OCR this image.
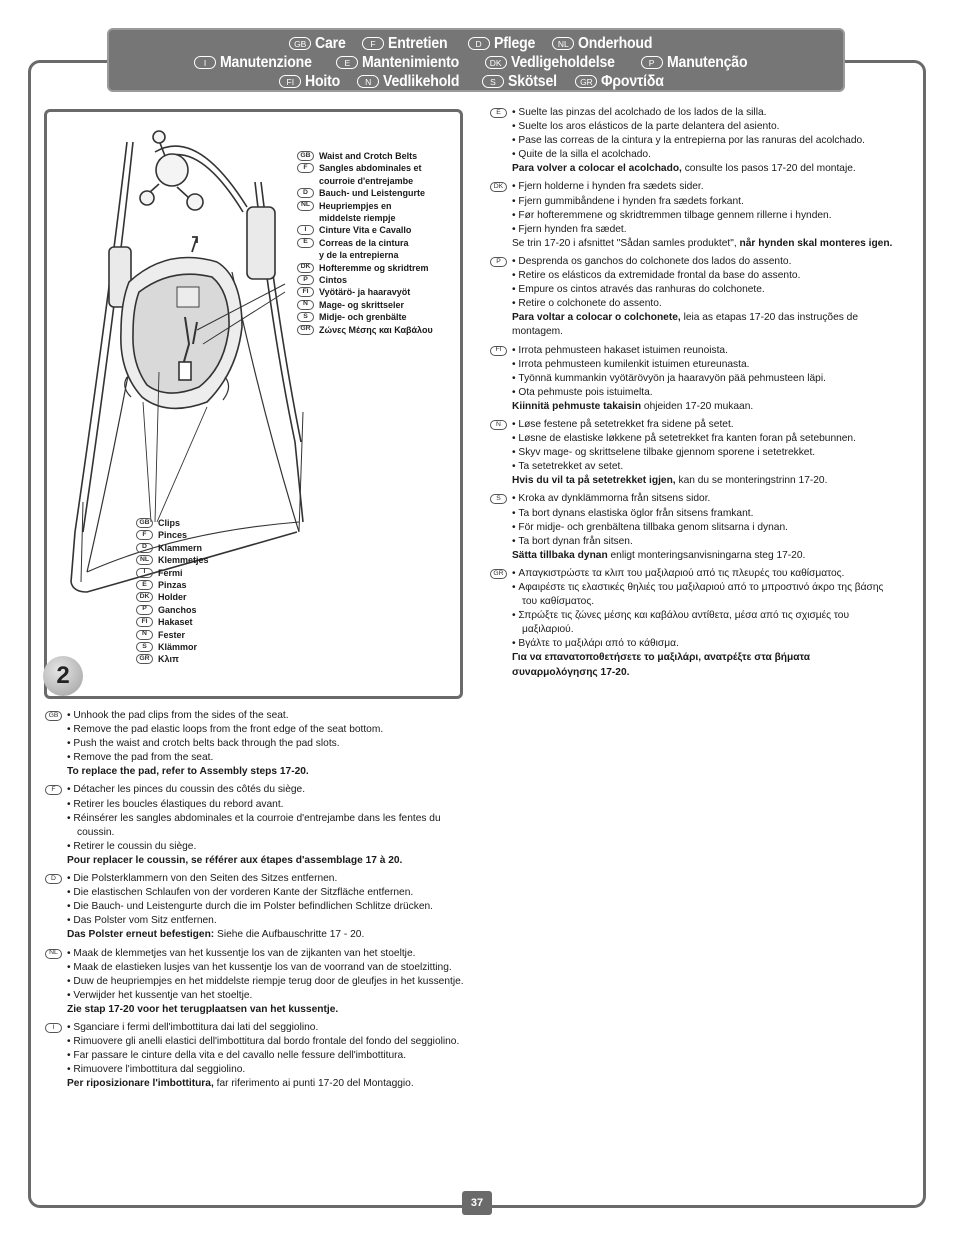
GB Care	F Entretien	D Pflege	NL Onderhoud
I Manutenzione	E Mantenimiento	DK Vedligeholdelse	P Manutenção
FI Hoito	N Vedlikehold	S Skötsel	GR Φροντίδα
GB Waist and Crotch Belts
F	Sangles abdominales et
courroie d'entrejambe
D	Bauch- und Leistengurte
NL Heupriempjes en
middelste riempje
I	Cinture Vita e Cavallo
E	Correas de la cintura
y de la entrepierna
DK Hofteremme og skridtrem
P	Cintos
FI	Vyötärö- ja haaravyöt
N	Mage- og skrittseler
S	Midje- och grenbälte
GR Ζώνες Μέσης και Καβάλου
GB Clips
F	Pinces
D	Klammern
NL Klemmetjes
I	Fermi
E	Pinzas
DK Holder
P	Ganchos
FI	Hakaset
N	Fester
S	Klämmor
GR Κλιπ
2
GB	• Unhook the pad clips from the sides of the seat.
• Remove the pad elastic loops from the front edge of the seat bottom.
• Push the waist and crotch belts back through the pad slots.
• Remove the pad from the seat.
To replace the pad, refer to Assembly steps 17-20.
F	• Détacher les pinces du coussin des côtés du siège.
• Retirer les boucles élastiques du rebord avant.
• Réinsérer les sangles abdominales et la courroie d'entrejambe dans les fentes du coussin.
• Retirer le coussin du siège.
Pour replacer le coussin, se référer aux étapes d'assemblage 17 à 20.
D	• Die Polsterklammern von den Seiten des Sitzes entfernen.
• Die elastischen Schlaufen von der vorderen Kante der Sitzfläche entfernen.
• Die Bauch- und Leistengurte durch die im Polster befindlichen Schlitze drücken.
• Das Polster vom Sitz entfernen.
Das Polster erneut befestigen: Siehe die Aufbauschritte 17 - 20.
NL	• Maak de klemmetjes van het kussentje los van de zijkanten van het stoeltje.
• Maak de elastieken lusjes van het kussentje los van de voorrand van de stoelzitting.
• Duw de heupriempjes en het middelste riempje terug door de gleufjes in het kussentje.
• Verwijder het kussentje van het stoeltje.
Zie stap 17-20 voor het terugplaatsen van het kussentje.
I	• Sganciare i fermi dell'imbottitura dai lati del seggiolino.
• Rimuovere gli anelli elastici dell'imbottitura dal bordo frontale del fondo del seggiolino.
• Far passare le cinture della vita e del cavallo nelle fessure dell'imbottitura.
• Rimuovere l'imbottitura dal seggiolino.
Per riposizionare l'imbottitura, far riferimento ai punti 17-20 del Montaggio.
E	• Suelte las pinzas del acolchado de los lados de la silla.
• Suelte los aros elásticos de la parte delantera del asiento.
• Pase las correas de la cintura y la entrepierna por las ranuras del acolchado.
• Quite de la silla el acolchado.
Para volver a colocar el acolchado, consulte los pasos 17-20 del montaje.
DK	• Fjern holderne i hynden fra sædets sider.
• Fjern gummibåndene i hynden fra sædets forkant.
• Før hofteremmene og skridtremmen tilbage gennem rillerne i hynden.
• Fjern hynden fra sædet.
Se trin 17-20 i afsnittet "Sådan samles produktet", når hynden skal monteres igen.
P	• Desprenda os ganchos do colchonete dos lados do assento.
• Retire os elásticos da extremidade frontal da base do assento.
• Empure os cintos através das ranhuras do colchonete.
• Retire o colchonete do assento.
Para voltar a colocar o colchonete, leia as etapas 17-20 das instruções de montagem.
FI	• Irrota pehmusteen hakaset istuimen reunoista.
• Irrota pehmusteen kumilenkit istuimen etureunasta.
• Työnnä kummankin vyötärövyön ja haaravyön pää pehmusteen läpi.
• Ota pehmuste pois istuimelta.
Kiinnitä pehmuste takaisin ohjeiden 17-20 mukaan.
N	• Løse festene på setetrekket fra sidene på setet.
• Løsne de elastiske løkkene på setetrekket fra kanten foran på setebunnen.
• Skyv mage- og skrittselene tilbake gjennom sporene i setetrekket.
• Ta setetrekket av setet.
Hvis du vil ta på setetrekket igjen, kan du se monteringstrinn 17-20.
S	• Kroka av dynklämmorna från sitsens sidor.
• Ta bort dynans elastiska öglor från sitsens framkant.
• För midje- och grenbältena tillbaka genom slitsarna i dynan.
• Ta bort dynan från sitsen.
Sätta tillbaka dynan enligt monteringsanvisningarna steg 17-20.
GR	• Απαγκιστρώστε τα κλιπ του μαξιλαριού από τις πλευρές του καθίσματος.
• Αφαιρέστε τις ελαστικές θηλιές του μαξιλαριού από το μπροστινό άκρο της βάσης του καθίσματος.
• Σπρώξτε τις ζώνες μέσης και καβάλου αντίθετα, μέσα από τις σχισμές του μαξιλαριού.
• Βγάλτε το μαξιλάρι από το κάθισμα.
Για να επανατοποθετήσετε το μαξιλάρι, ανατρέξτε στα βήματα συναρμολόγησης 17-20.
37
